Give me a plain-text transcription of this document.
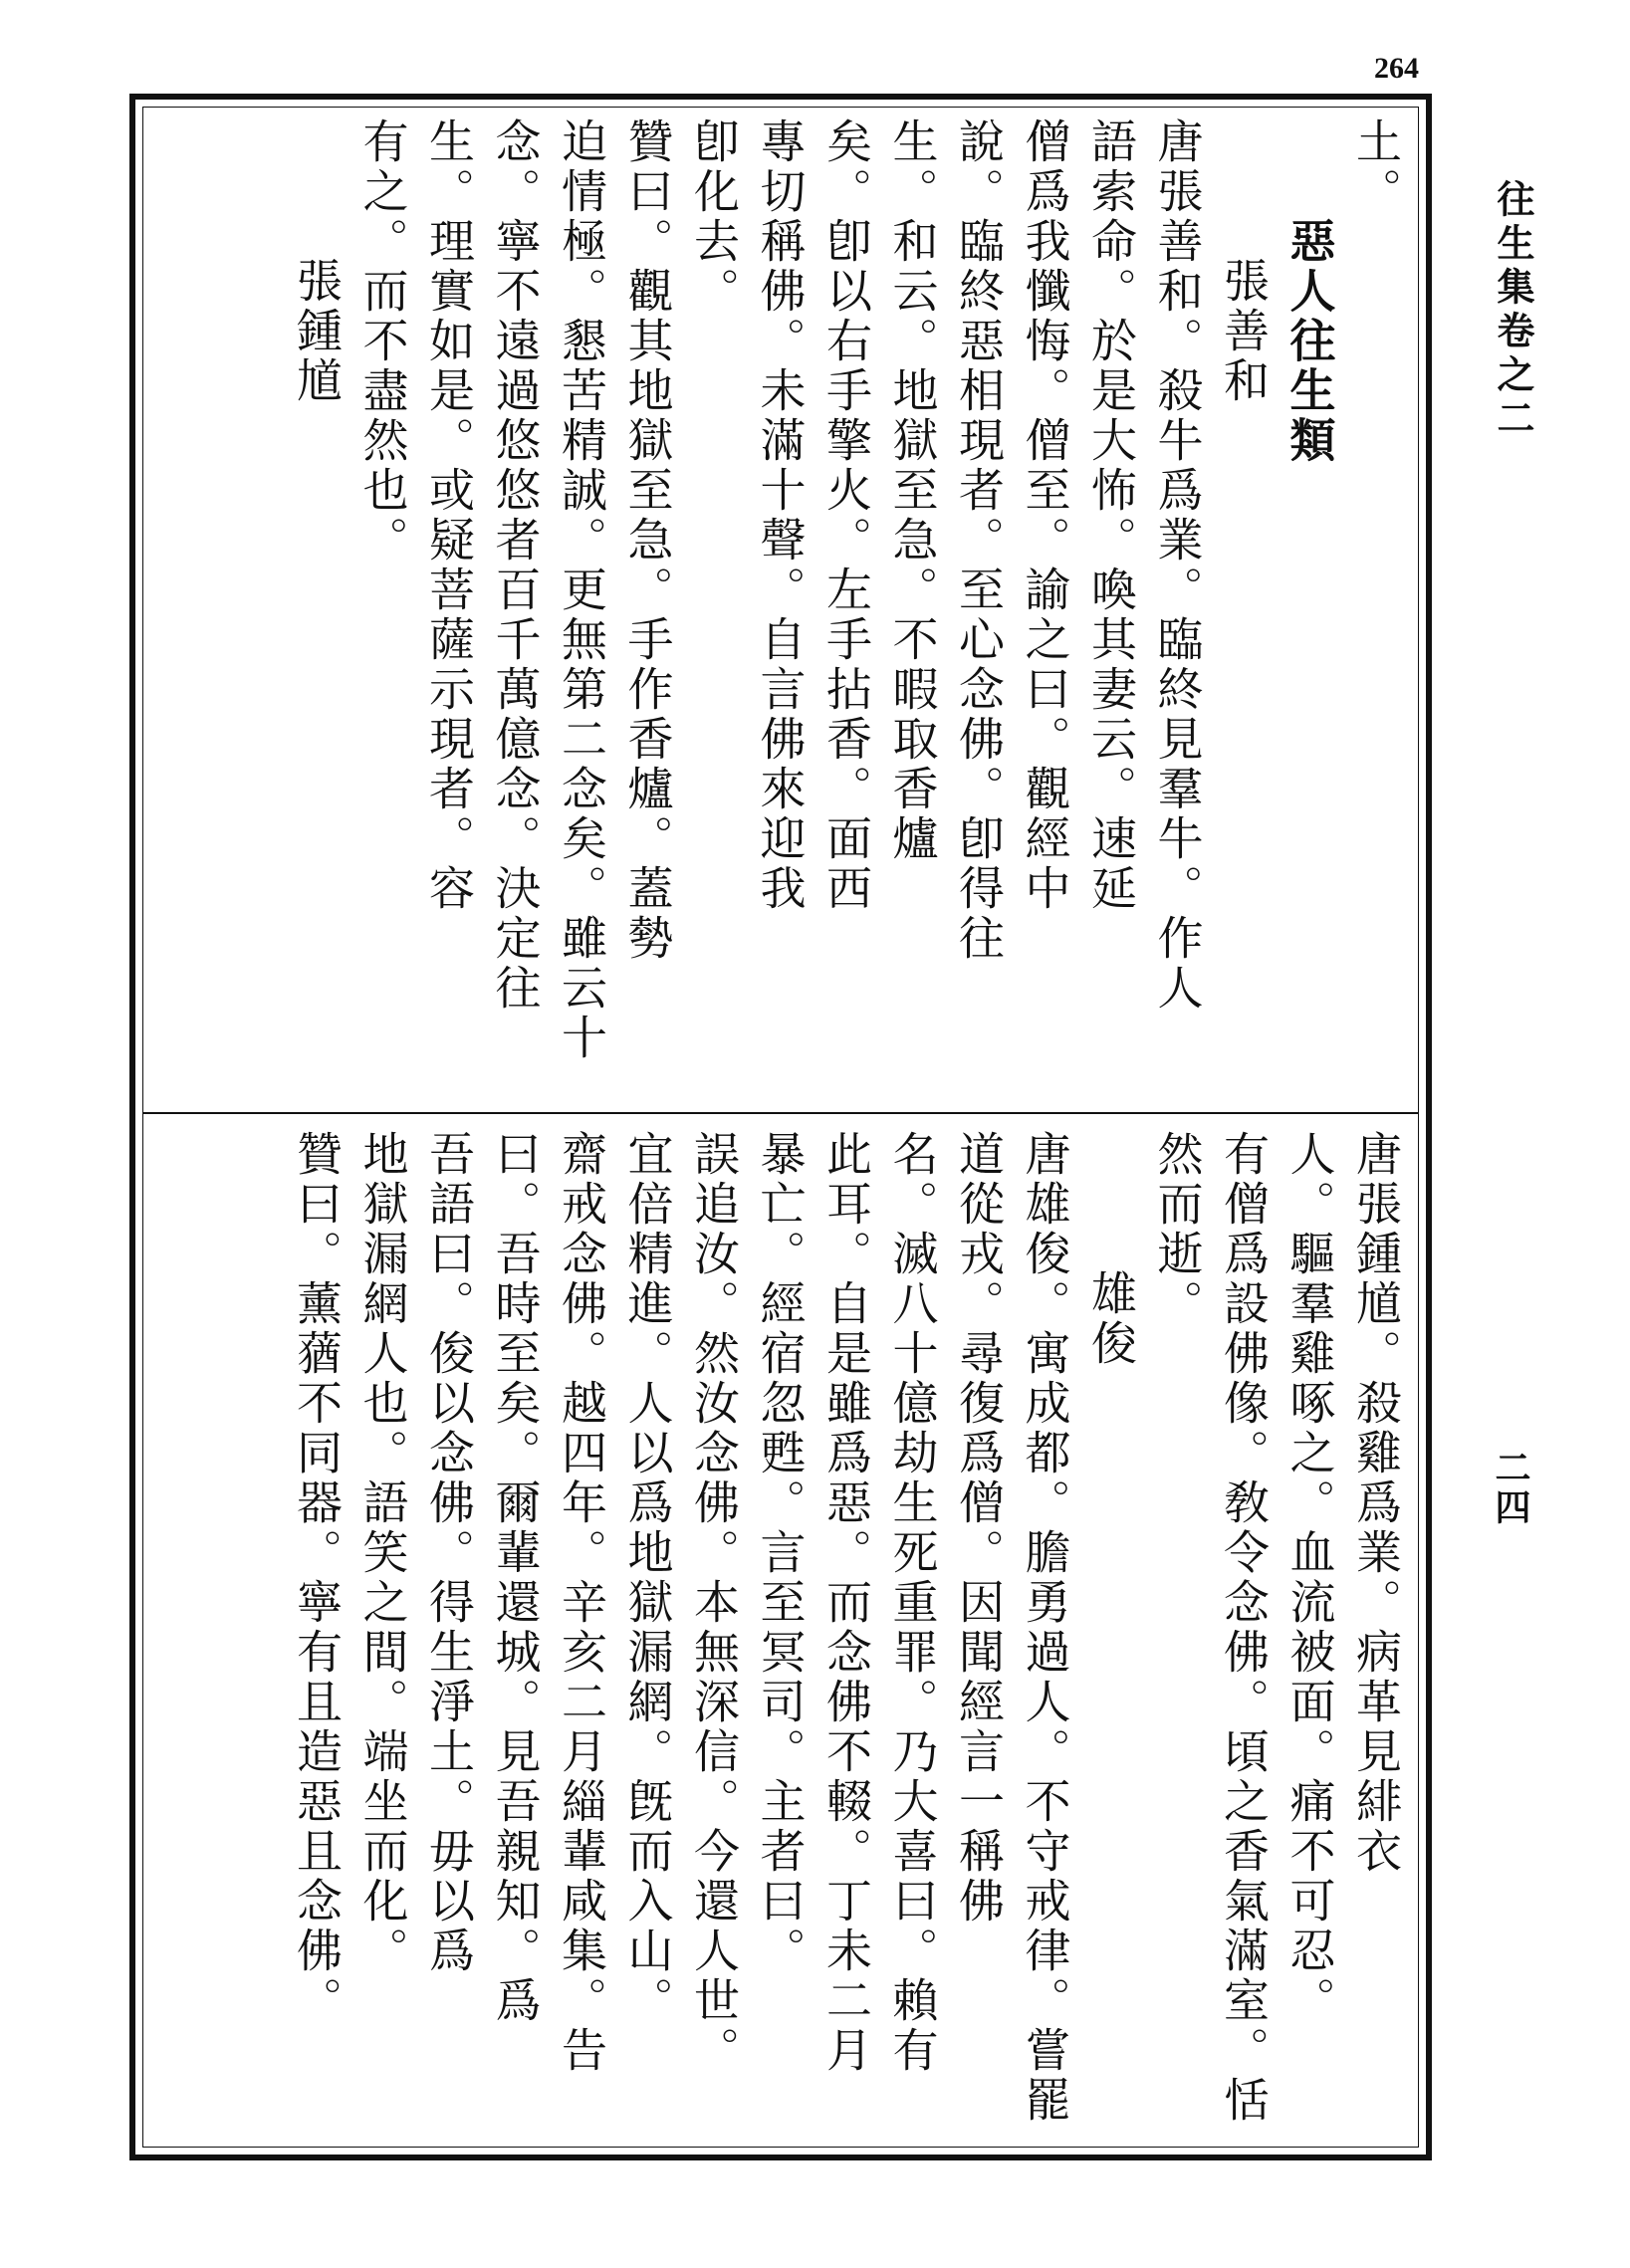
264
往生集卷之二
二四
土。
惡人往生類
張善和
唐張善和。殺牛爲業。臨終見羣牛。作人
語索命。於是大怖。喚其妻云。速延
僧爲我懺悔。僧至。諭之曰。觀經中
說。臨終惡相現者。至心念佛。卽得往
生。和云。地獄至急。不暇取香爐
矣。卽以右手擎火。左手拈香。面西
專切稱佛。未滿十聲。自言佛來迎我
卽化去。
贊曰。觀其地獄至急。手作香爐。蓋勢
迫情極。懇苦精誠。更無第二念矣。雖云十
念。寧不遠過悠悠者百千萬億念。決定往
生。理實如是。或疑菩薩示現者。容
有之。而不盡然也。
張鍾馗
唐張鍾馗。殺雞爲業。病革見緋衣
人。驅羣雞啄之。血流被面。痛不可忍。
有僧爲設佛像。敎令念佛。頃之香氣滿室。恬
然而逝。
雄俊
唐雄俊。寓成都。膽勇過人。不守戒律。嘗罷
道從戎。尋復爲僧。因聞經言一稱佛
名。滅八十億劫生死重罪。乃大喜曰。賴有
此耳。自是雖爲惡。而念佛不輟。丁未二月
暴亡。經宿忽甦。言至冥司。主者曰。
誤追汝。然汝念佛。本無深信。今還人世。
宜倍精進。人以爲地獄漏網。旣而入山。
齋戒念佛。越四年。辛亥二月緇輩咸集。告
曰。吾時至矣。爾輩還城。見吾親知。爲
吾語曰。俊以念佛。得生淨土。毋以爲
地獄漏網人也。語笑之間。端坐而化。
贊曰。薰蕕不同器。寧有且造惡且念佛。
